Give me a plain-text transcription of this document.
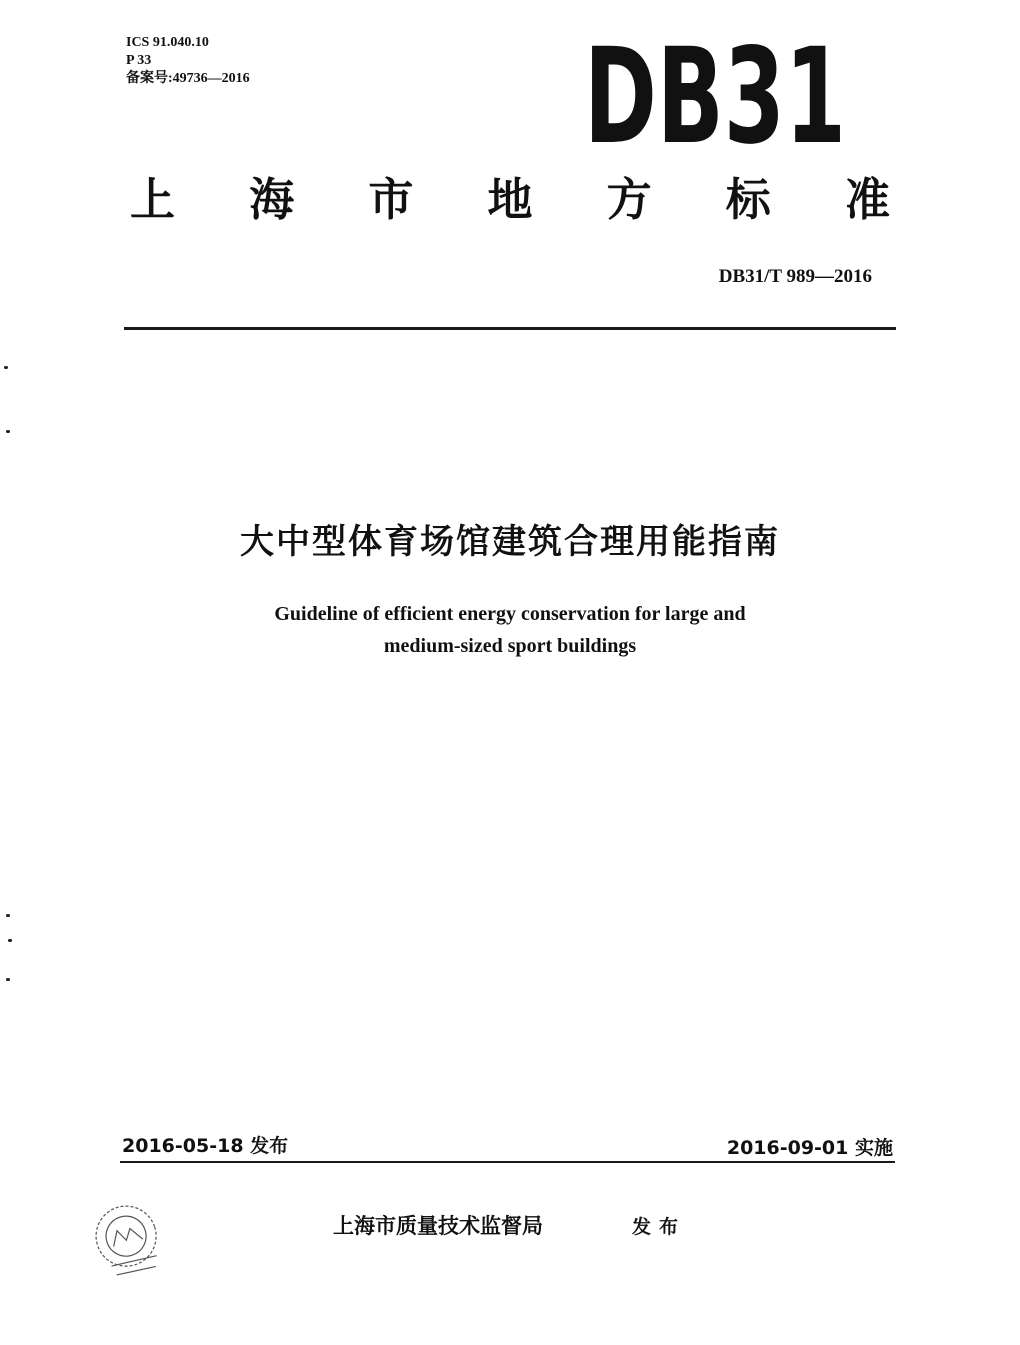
ICS 91.040.10
P 33
备案号:49736—2016	DB31
上 海 市 地 方 标 准
DB31/T 989—2016
大中型体育场馆建筑合理用能指南
Guideline of efficient energy conservation for large and
medium-sized sport buildings
2016-05-18 发布	2016-09-01 实施
上海市质量技术监督局	发布
